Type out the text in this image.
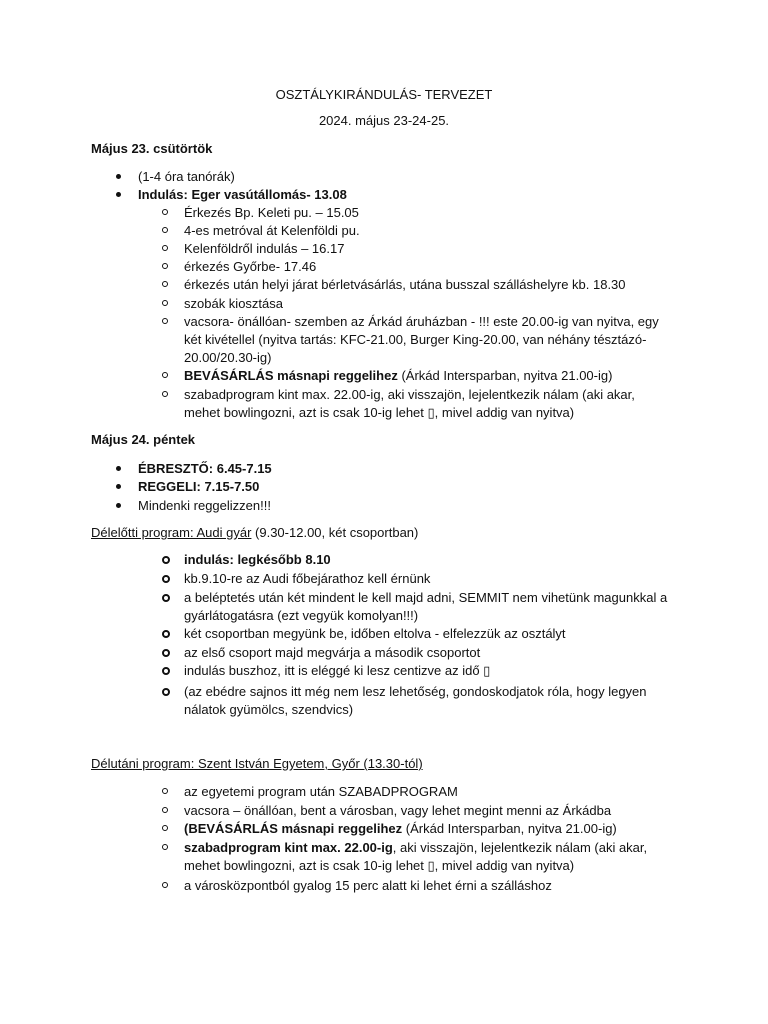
OSZTÁLYKIRÁNDULÁS- TERVEZET
2024. május 23-24-25.
Május 23. csütörtök
(1-4 óra tanórák)
Indulás: Eger vasútállomás- 13.08
Érkezés Bp. Keleti pu. – 15.05
4-es metróval át Kelenföldi pu.
Kelenföldről indulás – 16.17
érkezés Győrbe- 17.46
érkezés után helyi járat bérletvásárlás, utána busszal szálláshelyre kb. 18.30
szobák kiosztása
vacsora- önállóan- szemben az Árkád áruházban - !!! este 20.00-ig van nyitva, egy két kivétellel (nyitva tartás: KFC-21.00, Burger King-20.00, van néhány tésztázó- 20.00/20.30-ig)
BEVÁSÁRLÁS másnapi reggelihez (Árkád Intersparban, nyitva 21.00-ig)
szabadprogram kint max. 22.00-ig, aki visszajön, lejelentkezik nálam (aki akar, mehet bowlingozni, azt is csak 10-ig lehet ▯, mivel addig van nyitva)
Május 24. péntek
ÉBRESZTŐ: 6.45-7.15
REGGELI: 7.15-7.50
Mindenki reggelizzen!!!
Délelőtti program: Audi gyár (9.30-12.00, két csoportban)
indulás: legkésőbb 8.10
kb.9.10-re az Audi főbejárathoz kell érnünk
a beléptetés után két mindent le kell majd adni, SEMMIT nem vihetünk magunkkal a gyárlátogatásra (ezt vegyük komolyan!!!)
két csoportban megyünk be, időben eltolva - elfelezzük az osztályt
az első csoport majd megvárja a második csoportot
indulás buszhoz, itt is eléggé ki lesz centizve az idő ▯
(az ebédre sajnos itt még nem lesz lehetőség, gondoskodjatok róla, hogy legyen nálatok gyümölcs, szendvics)
Délutáni program: Szent István Egyetem, Győr (13.30-tól)
az egyetemi program után SZABADPROGRAM
vacsora – önállóan, bent a városban, vagy lehet megint menni az Árkádba
(BEVÁSÁRLÁS másnapi reggelihez (Árkád Intersparban, nyitva 21.00-ig)
szabadprogram kint max. 22.00-ig, aki visszajön, lejelentkezik nálam (aki akar, mehet bowlingozni, azt is csak 10-ig lehet ▯, mivel addig van nyitva)
a városközpontból gyalog 15 perc alatt ki lehet érni a szálláshoz
